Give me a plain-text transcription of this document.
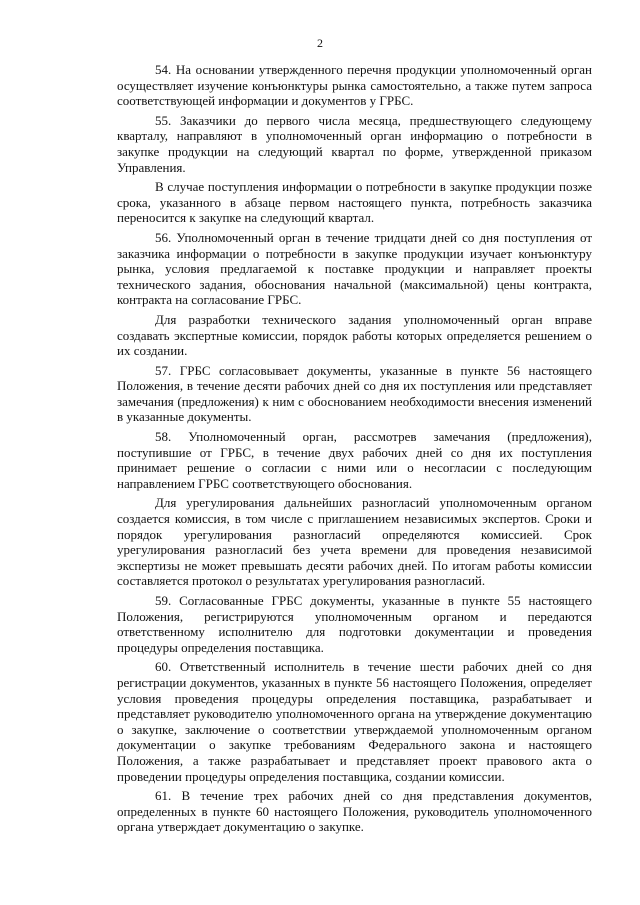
2

54. На основании утвержденного перечня продукции уполномоченный орган осуществляет изучение конъюнктуры рынка самостоятельно, а также путем запроса соответствующей информации и документов у ГРБС.

55. Заказчики до первого числа месяца, предшествующего следующему кварталу, направляют в уполномоченный орган информацию о потребности в закупке продукции на следующий квартал по форме, утвержденной приказом Управления.

В случае поступления информации о потребности в закупке продукции позже срока, указанного в абзаце первом настоящего пункта, потребность заказчика переносится к закупке на следующий квартал.

56. Уполномоченный орган в течение тридцати дней со дня поступления от заказчика информации о потребности в закупке продукции изучает конъюнктуру рынка, условия предлагаемой к поставке продукции и направляет проекты технического задания, обоснования начальной (максимальной) цены контракта, контракта на согласование ГРБС.

Для разработки технического задания уполномоченный орган вправе создавать экспертные комиссии, порядок работы которых определяется решением о их создании.

57. ГРБС согласовывает документы, указанные в пункте 56 настоящего Положения, в течение десяти рабочих дней со дня их поступления или представляет замечания (предложения) к ним с обоснованием необходимости внесения изменений в указанные документы.

58. Уполномоченный орган, рассмотрев замечания (предложения), поступившие от ГРБС, в течение двух рабочих дней со дня их поступления принимает решение о согласии с ними или о несогласии с последующим направлением ГРБС соответствующего обоснования.

Для урегулирования дальнейших разногласий уполномоченным органом создается комиссия, в том числе с приглашением независимых экспертов. Сроки и порядок урегулирования разногласий определяются комиссией. Срок урегулирования разногласий без учета времени для проведения независимой экспертизы не может превышать десяти рабочих дней. По итогам работы комиссии составляется протокол о результатах урегулирования разногласий.

59. Согласованные ГРБС документы, указанные в пункте 55 настоящего Положения, регистрируются уполномоченным органом и передаются ответственному исполнителю для подготовки документации и проведения процедуры определения поставщика.

60. Ответственный исполнитель в течение шести рабочих дней со дня регистрации документов, указанных в пункте 56 настоящего Положения, определяет условия проведения процедуры определения поставщика, разрабатывает и представляет руководителю уполномоченного органа на утверждение документацию о закупке, заключение о соответствии утверждаемой уполномоченным органом документации о закупке требованиям Федерального закона и настоящего Положения, а также разрабатывает и представляет проект правового акта о проведении процедуры определения поставщика, создании комиссии.

61. В течение трех рабочих дней со дня представления документов, определенных в пункте 60 настоящего Положения, руководитель уполномоченного органа утверждает документацию о закупке.
